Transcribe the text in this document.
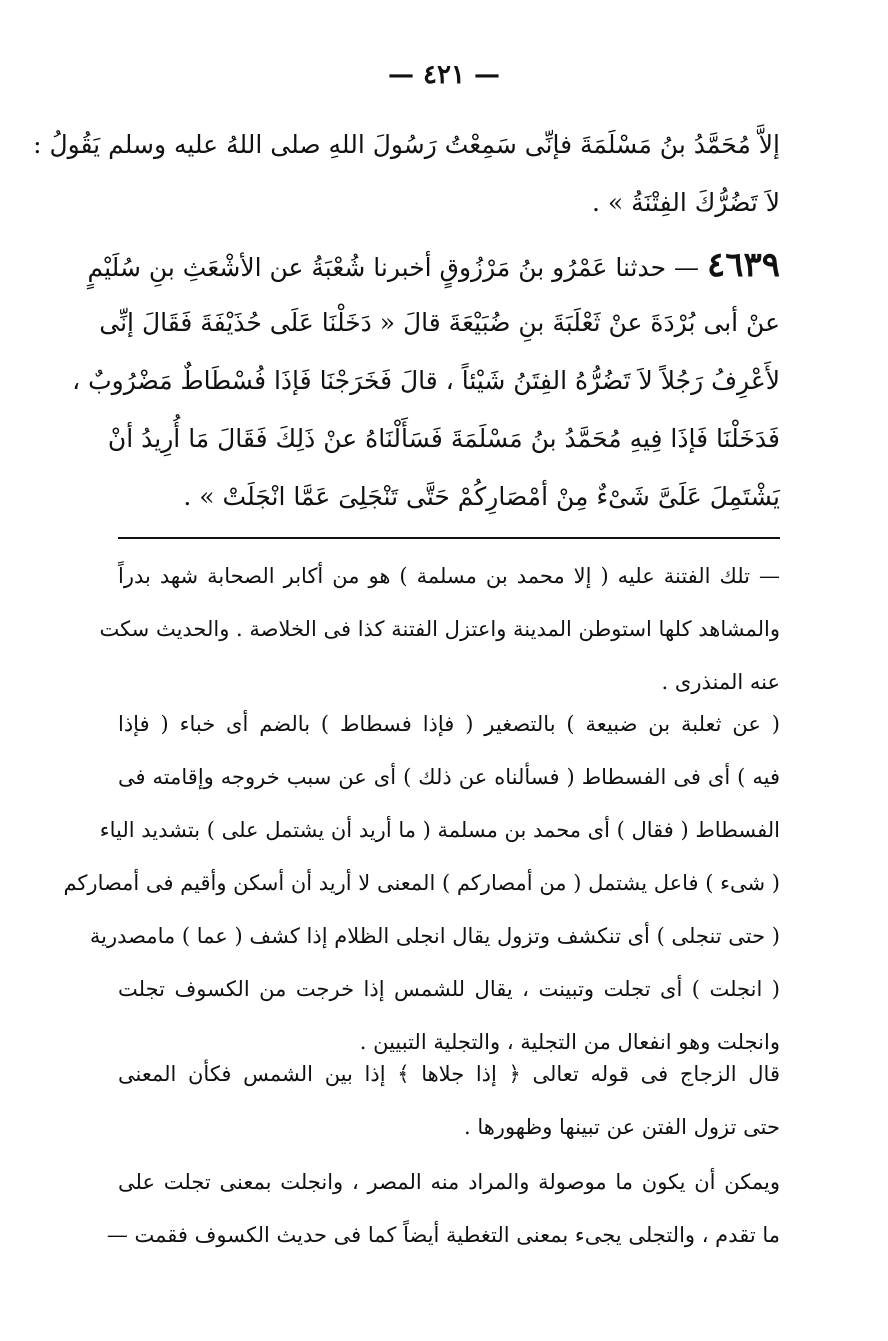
— ٤٢١ —
إلاَّ مُحَمَّدُ بنُ مَسْلَمَةَ فإنِّى سَمِعْتُ رَسُولَ اللهِ صلى اللهُ عليه وسلم يَقُولُ :
لاَ تَضُرُّكَ الفِتْنَةُ » .
٤٦٣٩ — حدثنا عَمْرُو بنُ مَرْزُوقٍ أخبرنا شُعْبَةُ عن الأشْعَثِ بنِ سُلَيْمٍ
عنْ أبى بُرْدَةَ عنْ ثَعْلَبَةَ بنِ ضُبَيْعَةَ قالَ « دَخَلْنَا عَلَى حُذَيْفَةَ فَقَالَ إنِّى
لأَعْرِفُ رَجُلاً لاَ تَضُرُّهُ الفِتَنُ شَيْئاً ، قالَ فَخَرَجْنَا فَإذَا فُسْطَاطٌ مَضْرُوبٌ ،
فَدَخَلْنَا فَإذَا فِيهِ مُحَمَّدُ بنُ مَسْلَمَةَ فَسَأَلْنَاهُ عنْ ذَلِكَ فَقَالَ مَا أُرِيدُ أنْ
يَشْتَمِلَ عَلَىَّ شَىْءٌ مِنْ أمْصَارِكُمْ حَتَّى تَنْجَلِىَ عَمَّا انْجَلَتْ » .
— تلك الفتنة عليه ( إلا محمد بن مسلمة ) هو من أكابر الصحابة شهد بدراً
والمشاهد كلها استوطن المدينة واعتزل الفتنة كذا فى الخلاصة . والحديث سكت
عنه المنذرى .
( عن ثعلبة بن ضبيعة ) بالتصغير ( فإذا فسطاط ) بالضم أى خباء ( فإذا
فيه ) أى فى الفسطاط ( فسألناه عن ذلك ) أى عن سبب خروجه وإقامته فى
الفسطاط ( فقال ) أى محمد بن مسلمة ( ما أريد أن يشتمل على ) بتشديد الياء
( شىء ) فاعل يشتمل ( من أمصاركم ) المعنى لا أريد أن أسكن وأقيم فى أمصاركم
( حتى تنجلى ) أى تنكشف وتزول يقال انجلى الظلام إذا كشف ( عما ) مامصدرية
( انجلت ) أى تجلت وتبينت ، يقال للشمس إذا خرجت من الكسوف تجلت
وانجلت وهو انفعال من التجلية ، والتجلية التبيين .
قال الزجاج فى قوله تعالى ﴿ إذا جلاها ﴾ إذا بين الشمس فكأن المعنى
حتى تزول الفتن عن تبينها وظهورها .
ويمكن أن يكون ما موصولة والمراد منه المصر ، وانجلت بمعنى تجلت على
ما تقدم ، والتجلى يجىء بمعنى التغطية أيضاً كما فى حديث الكسوف فقمت —
